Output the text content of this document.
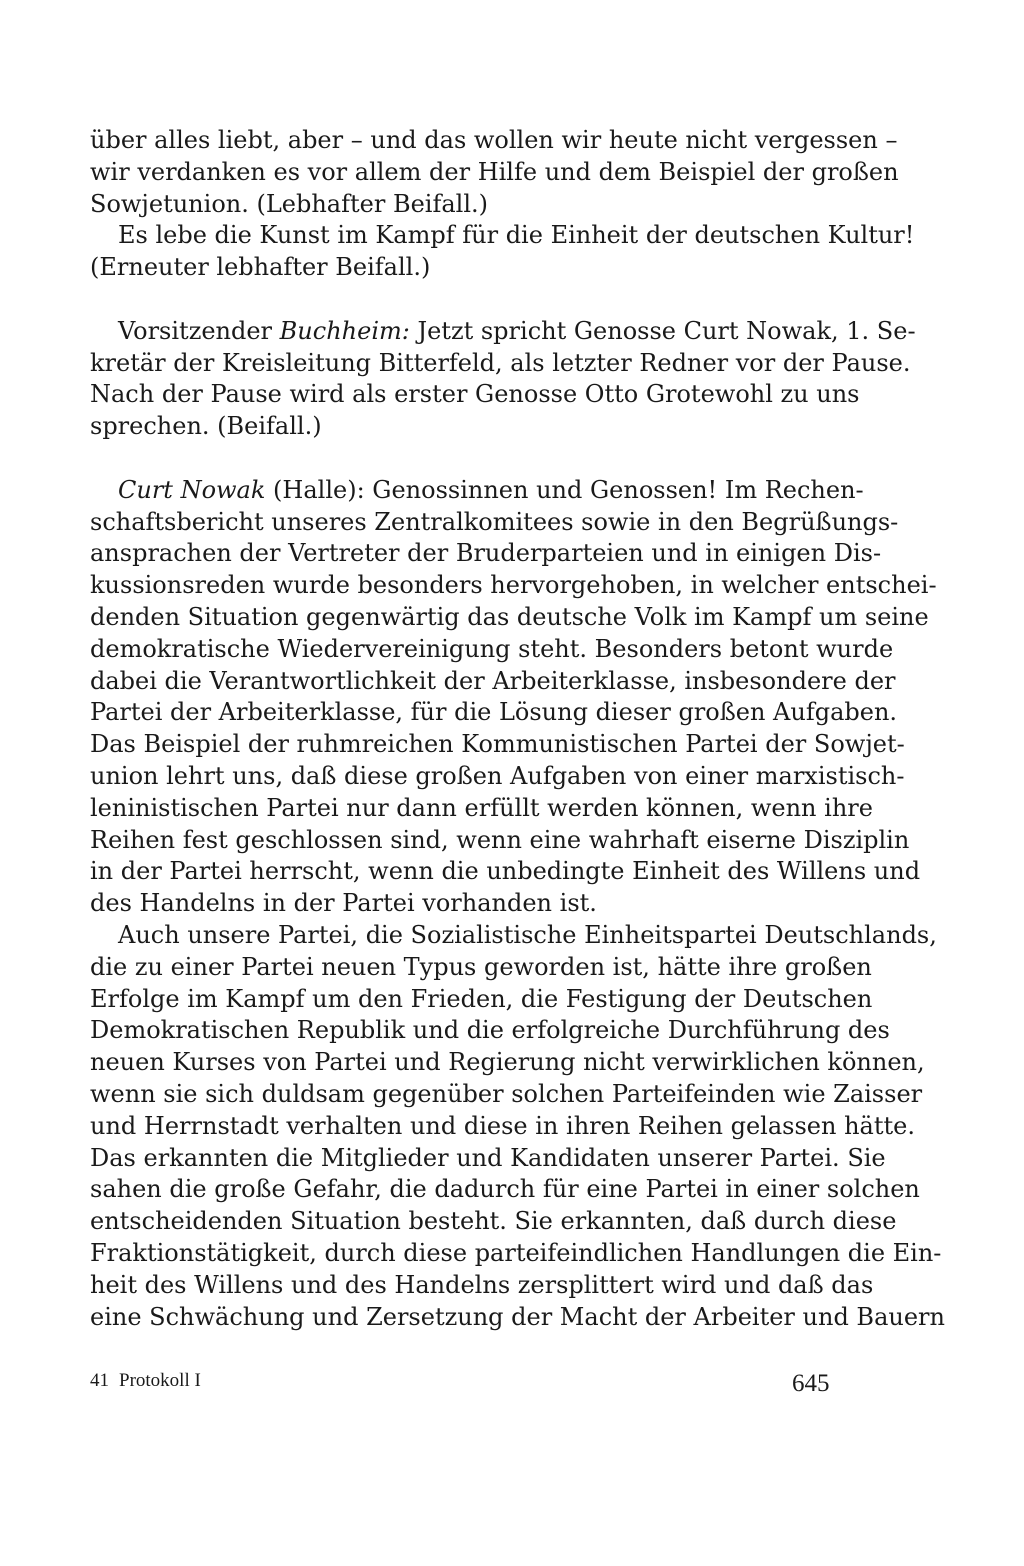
über alles liebt, aber – und das wollen wir heute nicht vergessen –
wir verdanken es vor allem der Hilfe und dem Beispiel der großen
Sowjetunion. (Lebhafter Beifall.)
Es lebe die Kunst im Kampf für die Einheit der deutschen Kultur!
(Erneuter lebhafter Beifall.)
Vorsitzender Buchheim: Jetzt spricht Genosse Curt Nowak, 1. Se-
kretär der Kreisleitung Bitterfeld, als letzter Redner vor der Pause.
Nach der Pause wird als erster Genosse Otto Grotewohl zu uns
sprechen. (Beifall.)
Curt Nowak (Halle): Genossinnen und Genossen! Im Rechen-
schaftsbericht unseres Zentralkomitees sowie in den Begrüßungs-
ansprachen der Vertreter der Bruderparteien und in einigen Dis-
kussionsreden wurde besonders hervorgehoben, in welcher entschei-
denden Situation gegenwärtig das deutsche Volk im Kampf um seine
demokratische Wiedervereinigung steht. Besonders betont wurde
dabei die Verantwortlichkeit der Arbeiterklasse, insbesondere der
Partei der Arbeiterklasse, für die Lösung dieser großen Aufgaben.
Das Beispiel der ruhmreichen Kommunistischen Partei der Sowjet-
union lehrt uns, daß diese großen Aufgaben von einer marxistisch-
leninistischen Partei nur dann erfüllt werden können, wenn ihre
Reihen fest geschlossen sind, wenn eine wahrhaft eiserne Disziplin
in der Partei herrscht, wenn die unbedingte Einheit des Willens und
des Handelns in der Partei vorhanden ist.
Auch unsere Partei, die Sozialistische Einheitspartei Deutschlands,
die zu einer Partei neuen Typus geworden ist, hätte ihre großen
Erfolge im Kampf um den Frieden, die Festigung der Deutschen
Demokratischen Republik und die erfolgreiche Durchführung des
neuen Kurses von Partei und Regierung nicht verwirklichen können,
wenn sie sich duldsam gegenüber solchen Parteifeinden wie Zaisser
und Herrnstadt verhalten und diese in ihren Reihen gelassen hätte.
Das erkannten die Mitglieder und Kandidaten unserer Partei. Sie
sahen die große Gefahr, die dadurch für eine Partei in einer solchen
entscheidenden Situation besteht. Sie erkannten, daß durch diese
Fraktionstätigkeit, durch diese parteifeindlichen Handlungen die Ein-
heit des Willens und des Handelns zersplittert wird und daß das
eine Schwächung und Zersetzung der Macht der Arbeiter und Bauern
41 Protokoll I	645
